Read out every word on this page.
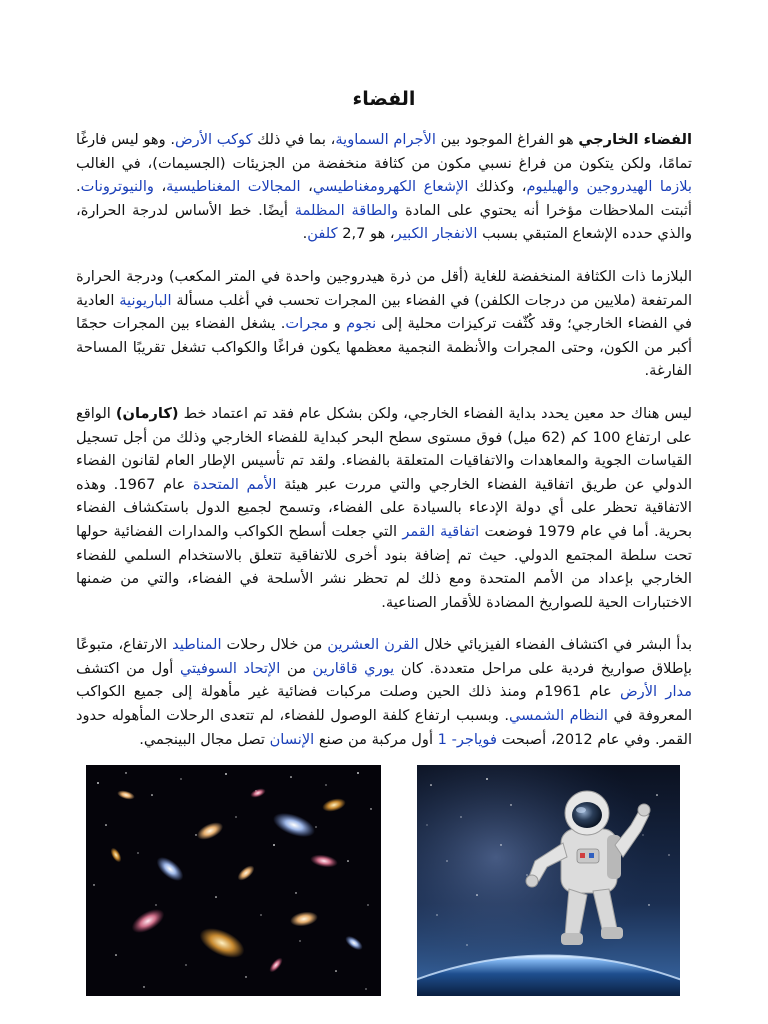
الفضاء

الفضاء الخارجي هو الفراغ الموجود بين الأجرام السماوية، بما في ذلك كوكب الأرض. وهو ليس فارغًا تمامًا، ولكن يتكون من فراغ نسبي مكون من كثافة منخفضة من الجزيئات (الجسيمات)، في الغالب بلازما الهيدروجين والهيليوم، وكذلك الإشعاع الكهرومغناطيسي، المجالات المغناطيسية، والنيوترونات. أثبتت الملاحظات مؤخرا أنه يحتوي على المادة والطاقة المظلمة أيضًا. خط الأساس لدرجة الحرارة، والذي حدده الإشعاع المتبقي بسبب الانفجار الكبير، هو 2,7 كلفن.

البلازما ذات الكثافة المنخفضة للغاية (أقل من ذرة هيدروجين واحدة في المتر المكعب) ودرجة الحرارة المرتفعة (ملايين من درجات الكلفن) في الفضاء بين المجرات تحسب في أغلب مسألة الباريونية العادية في الفضاء الخارجي؛ وقد كُثّفت تركيزات محلية إلى نجوم و مجرات. يشغل الفضاء بين المجرات حجمًا أكبر من الكون، وحتى المجرات والأنظمة النجمية معظمها يكون فراغًا والكواكب تشغل تقريبًا المساحة الفارغة.

ليس هناك حد معين يحدد بداية الفضاء الخارجي، ولكن بشكل عام فقد تم اعتماد خط (كارمان) الواقع على ارتفاع 100 كم (62 ميل) فوق مستوى سطح البحر كبداية للفضاء الخارجي وذلك من أجل تسجيل القياسات الجوية والمعاهدات والاتفاقيات المتعلقة بالفضاء. ولقد تم تأسيس الإطار العام لقانون الفضاء الدولي عن طريق اتفاقية الفضاء الخارجي والتي مررت عبر هيئة الأمم المتحدة عام 1967. وهذه الاتفاقية تحظر على أي دولة الإدعاء بالسيادة على الفضاء، وتسمح لجميع الدول باستكشاف الفضاء بحرية. أما في عام 1979 فوضعت اتفاقية القمر التي جعلت أسطح الكواكب والمدارات الفضائية حولها تحت سلطة المجتمع الدولي. حيث تم إضافة بنود أخرى للاتفاقية تتعلق بالاستخدام السلمي للفضاء الخارجي بإعداد من الأمم المتحدة ومع ذلك لم تحظر نشر الأسلحة في الفضاء، والتي من ضمنها الاختبارات الحية للصواريخ المضادة للأقمار الصناعية.

بدأ البشر في اكتشاف الفضاء الفيزيائي خلال القرن العشرين من خلال رحلات المناطيد الارتفاع، متبوعًا بإطلاق صواريخ فردية على مراحل متعددة. كان يوري قاقارين من الإتحاد السوفيتي أول من اكتشف مدار الأرض عام 1961م ومنذ ذلك الحين وصلت مركبات فضائية غير مأهولة إلى جميع الكواكب المعروفة في النظام الشمسي. وبسبب ارتفاع كلفة الوصول للفضاء، لم تتعدى الرحلات المأهوله حدود القمر. وفي عام 2012، أصبحت فوياجر- 1 أول مركبة من صنع الإنسان تصل مجال البينجمي.
